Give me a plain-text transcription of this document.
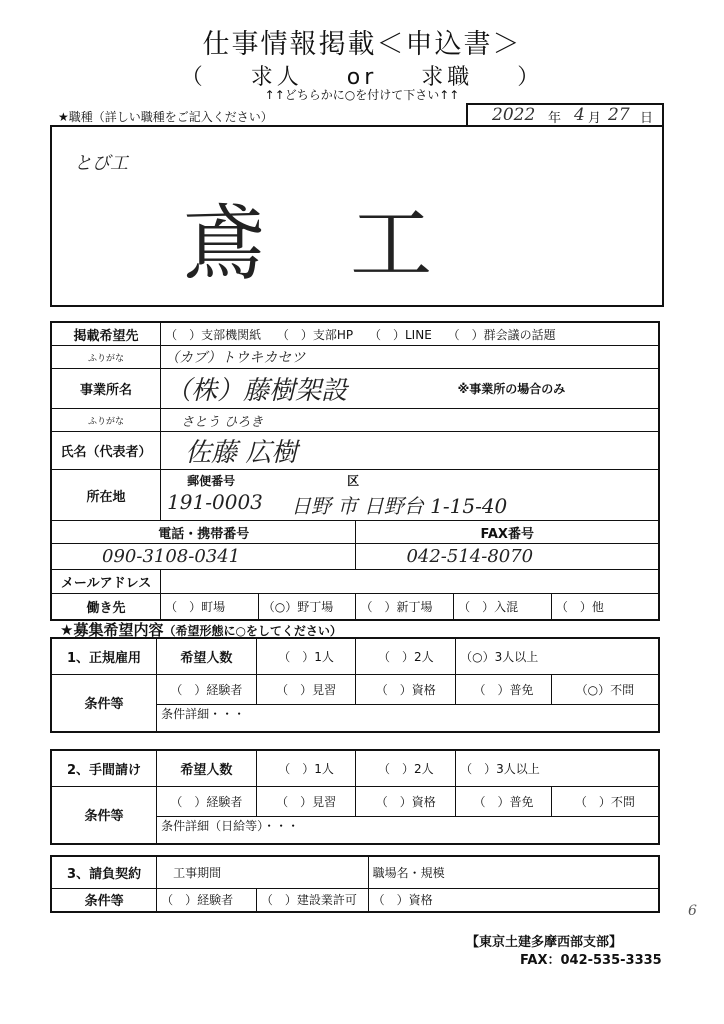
仕事情報掲載＜申込書＞
（ 求人 or 求職 ）
↑↑どちらかに○を付けて下さい↑↑
★職種（詳しい職種をご記入ください）	2022 年 4 月 27 日
とび工
鳶 工
掲載希望先	（　）支部機関紙 （　）支部HP （　）LINE （　）群会議の話題				
ふりがな	（カブ）トウキカセツ				
事業所名	（株）藤樹架設			※事業所の場合のみ	
ふりがな	さとう ひろき				
氏名（代表者）	佐藤 広樹				
所在地	郵便番号 区
191-0003 日野 市 日野台 1-15-40				

電話・携帯番号			FAX番号		
090-3108-0341			042-514-8070		
メールアドレス					
働き先	（　）町場	（○）野丁場	（　）新丁場	（　）入混	（　）他
★募集希望内容（希望形態に○をしてください）
1、正規雇用	希望人数	（　）1人	（　）2人	（○）3人以上	
条件等	（　）経験者	（　）見習	（　）資格	（　）普免	（○）不問
	条件詳細・・・				
2、手間請け	希望人数	（　）1人	（　）2人	（　）3人以上	
条件等	（　）経験者	（　）見習	（　）資格	（　）普免	（　）不問
	条件詳細（日給等）・・・				
3、請負契約	工事期間		職場名・規模
条件等	（　）経験者	（　）建設業許可	（　）資格
【東京土建多摩西部支部】
FAX：042-535-3335
6
